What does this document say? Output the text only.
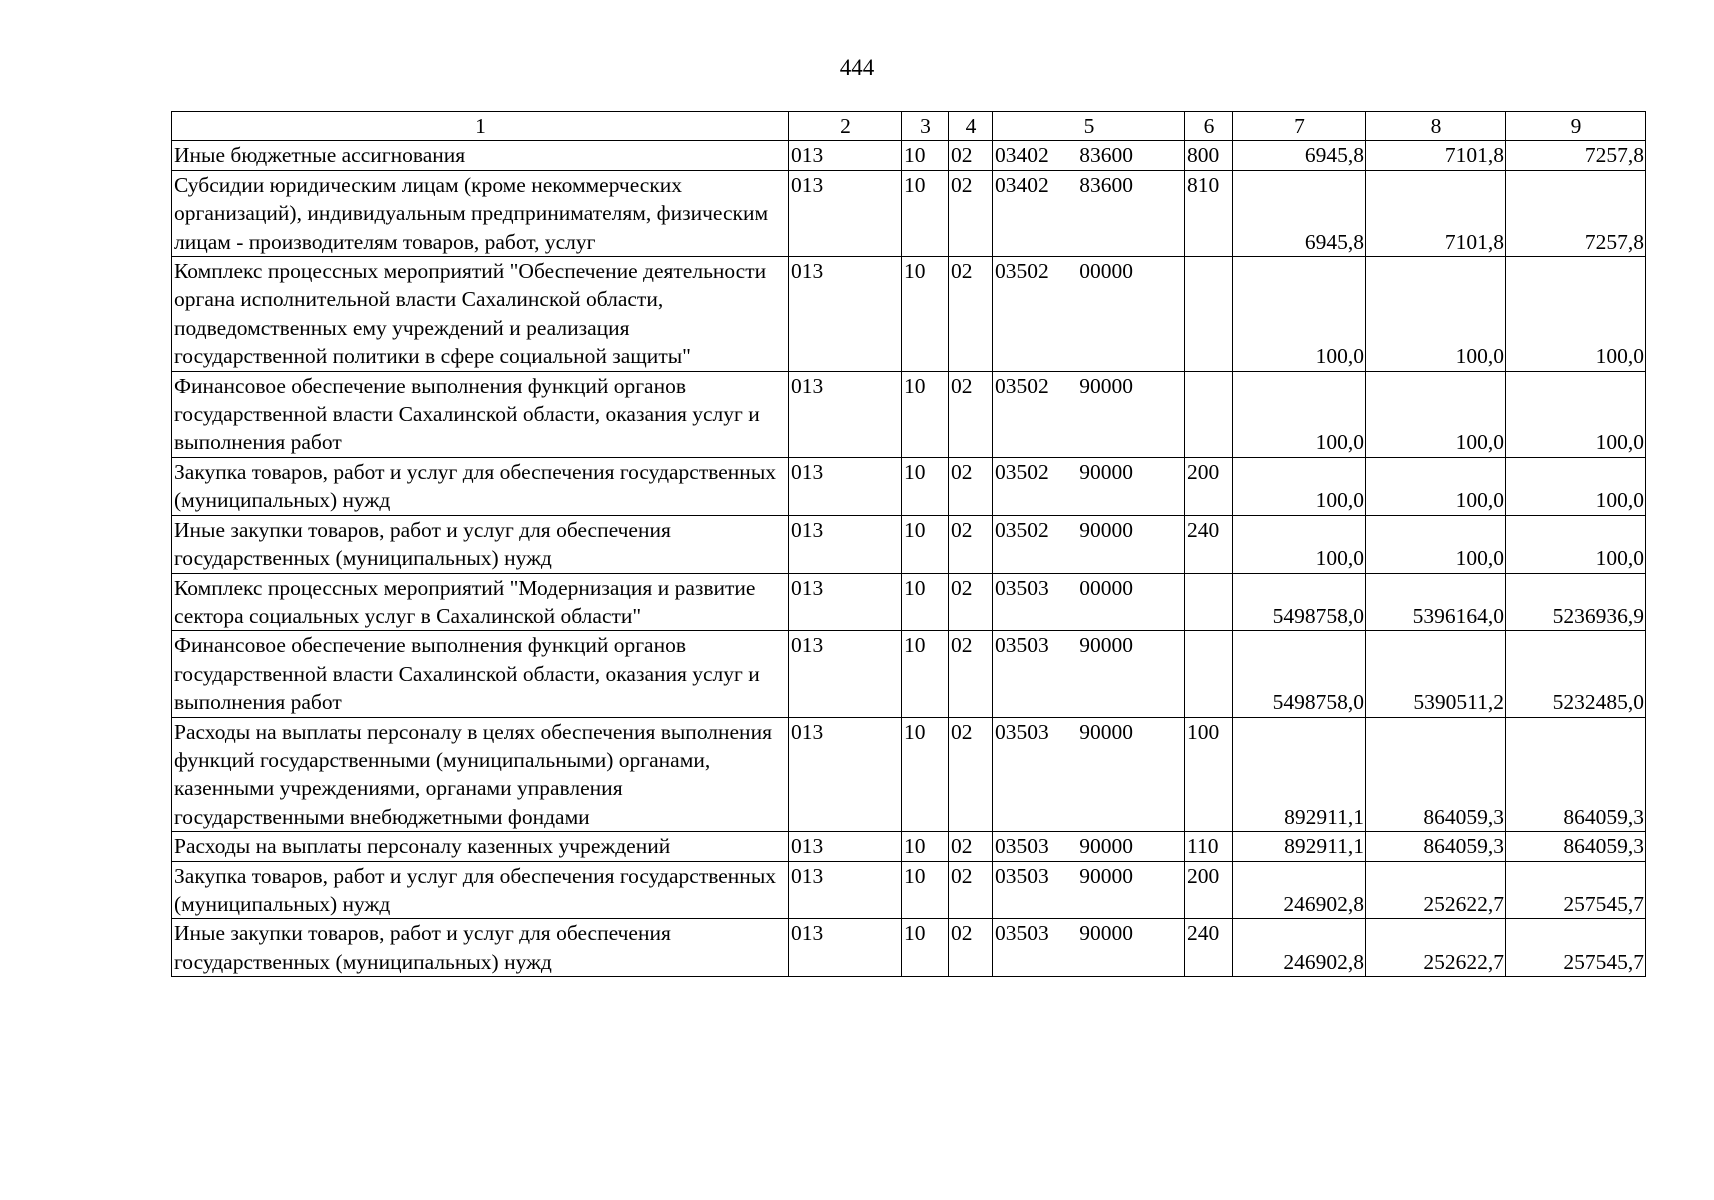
444
1	2	3	4	5	6	7	8	9
Иные бюджетные ассигнования	013	10	02	03402 83600	800	6945,8	7101,8	7257,8
Субсидии юридическим лицам (кроме некоммерческих организаций), индивидуальным предпринимателям, физическим лицам - производителям товаров, работ, услуг	013	10	02	03402 83600	810	6945,8	7101,8	7257,8
Комплекс процессных мероприятий "Обеспечение деятельности органа исполнительной власти Сахалинской области, подведомственных ему учреждений и реализация государственной политики в сфере социальной защиты"	013	10	02	03502 00000		100,0	100,0	100,0
Финансовое обеспечение выполнения функций органов государственной власти Сахалинской области, оказания услуг и выполнения работ	013	10	02	03502 90000		100,0	100,0	100,0
Закупка товаров, работ и услуг для обеспечения государственных (муниципальных) нужд	013	10	02	03502 90000	200	100,0	100,0	100,0
Иные закупки товаров, работ и услуг для обеспечения государственных (муниципальных) нужд	013	10	02	03502 90000	240	100,0	100,0	100,0
Комплекс процессных мероприятий "Модернизация и развитие сектора социальных услуг в Сахалинской области"	013	10	02	03503 00000		5498758,0	5396164,0	5236936,9
Финансовое обеспечение выполнения функций органов государственной власти Сахалинской области, оказания услуг и выполнения работ	013	10	02	03503 90000		5498758,0	5390511,2	5232485,0
Расходы на выплаты персоналу в целях обеспечения выполнения функций государственными (муниципальными) органами, казенными учреждениями, органами управления государственными внебюджетными фондами	013	10	02	03503 90000	100	892911,1	864059,3	864059,3
Расходы на выплаты персоналу казенных учреждений	013	10	02	03503 90000	110	892911,1	864059,3	864059,3
Закупка товаров, работ и услуг для обеспечения государственных (муниципальных) нужд	013	10	02	03503 90000	200	246902,8	252622,7	257545,7
Иные закупки товаров, работ и услуг для обеспечения государственных (муниципальных) нужд	013	10	02	03503 90000	240	246902,8	252622,7	257545,7
